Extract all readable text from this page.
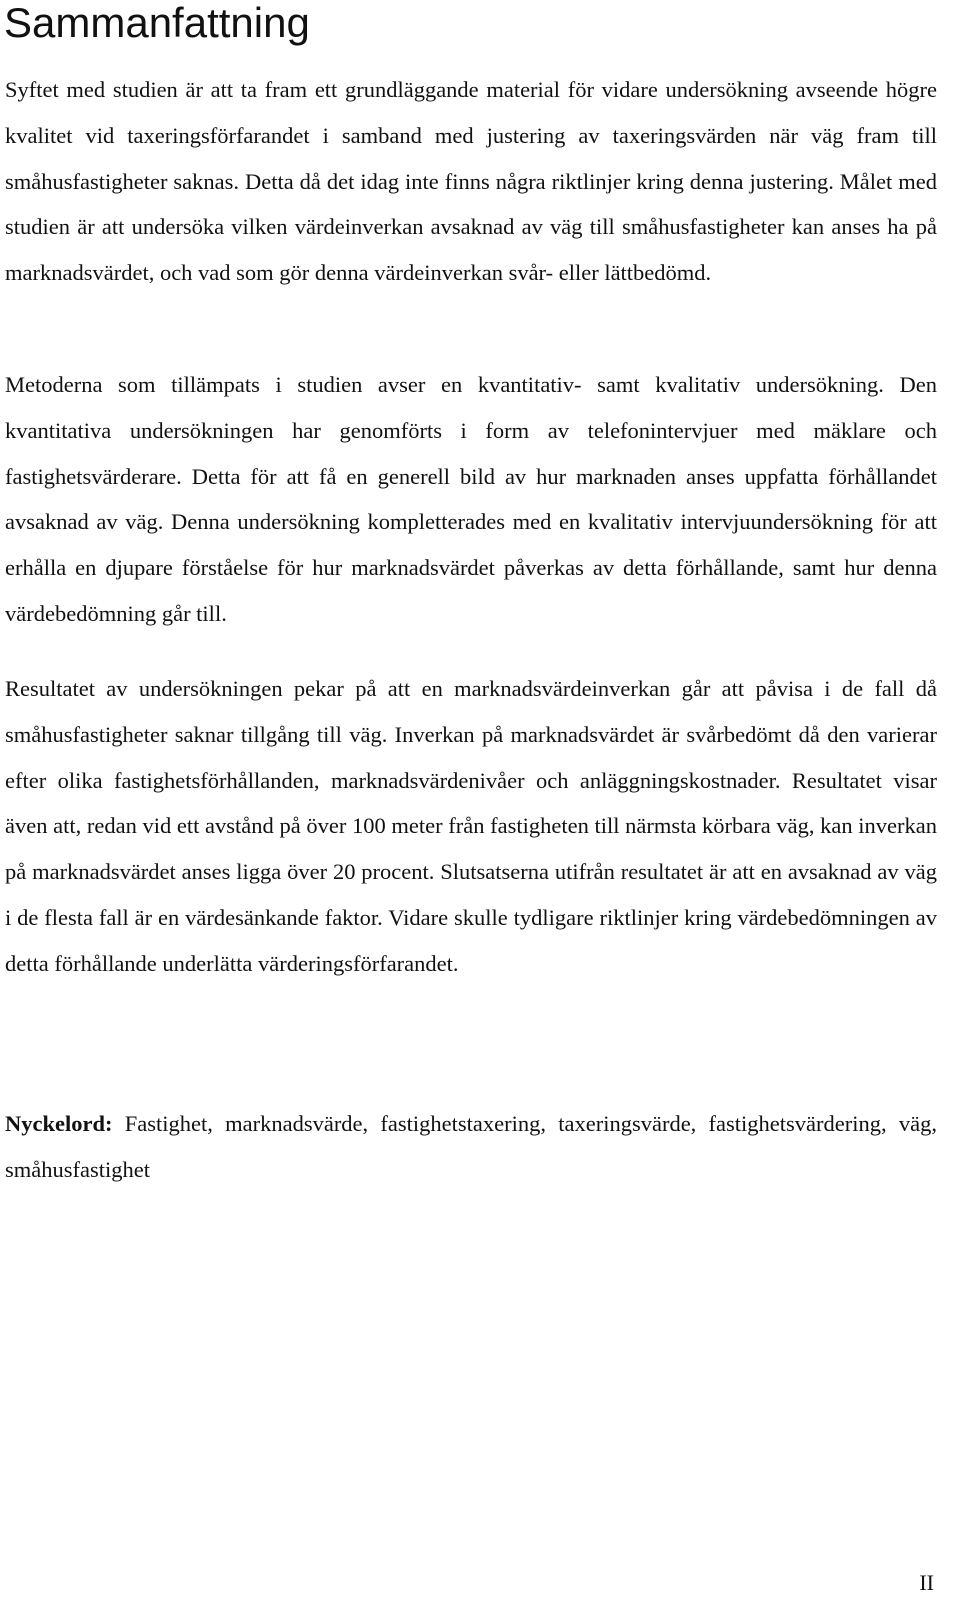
Sammanfattning

Syftet med studien är att ta fram ett grundläggande material för vidare undersökning avseende högre kvalitet vid taxeringsförfarandet i samband med justering av taxeringsvärden när väg fram till småhusfastigheter saknas. Detta då det idag inte finns några riktlinjer kring denna justering. Målet med studien är att undersöka vilken värdeinverkan avsaknad av väg till småhusfastigheter kan anses ha på marknadsvärdet, och vad som gör denna värdeinverkan svår- eller lättbedömd.

Metoderna som tillämpats i studien avser en kvantitativ- samt kvalitativ undersökning. Den kvantitativa undersökningen har genomförts i form av telefonintervjuer med mäklare och fastighetsvärderare. Detta för att få en generell bild av hur marknaden anses uppfatta förhållandet avsaknad av väg. Denna undersökning kompletterades med en kvalitativ intervjuundersökning för att erhålla en djupare förståelse för hur marknadsvärdet påverkas av detta förhållande, samt hur denna värdebedömning går till.

Resultatet av undersökningen pekar på att en marknadsvärdeinverkan går att påvisa i de fall då småhusfastigheter saknar tillgång till väg. Inverkan på marknadsvärdet är svårbedömt då den varierar efter olika fastighetsförhållanden, marknadsvärdenivåer och anläggningskostnader. Resultatet visar även att, redan vid ett avstånd på över 100 meter från fastigheten till närmsta körbara väg, kan inverkan på marknadsvärdet anses ligga över 20 procent. Slutsatserna utifrån resultatet är att en avsaknad av väg i de flesta fall är en värdesänkande faktor. Vidare skulle tydligare riktlinjer kring värdebedömningen av detta förhållande underlätta värderingsförfarandet.

Nyckelord: Fastighet, marknadsvärde, fastighetstaxering, taxeringsvärde, fastighetsvärdering, väg, småhusfastighet

II
